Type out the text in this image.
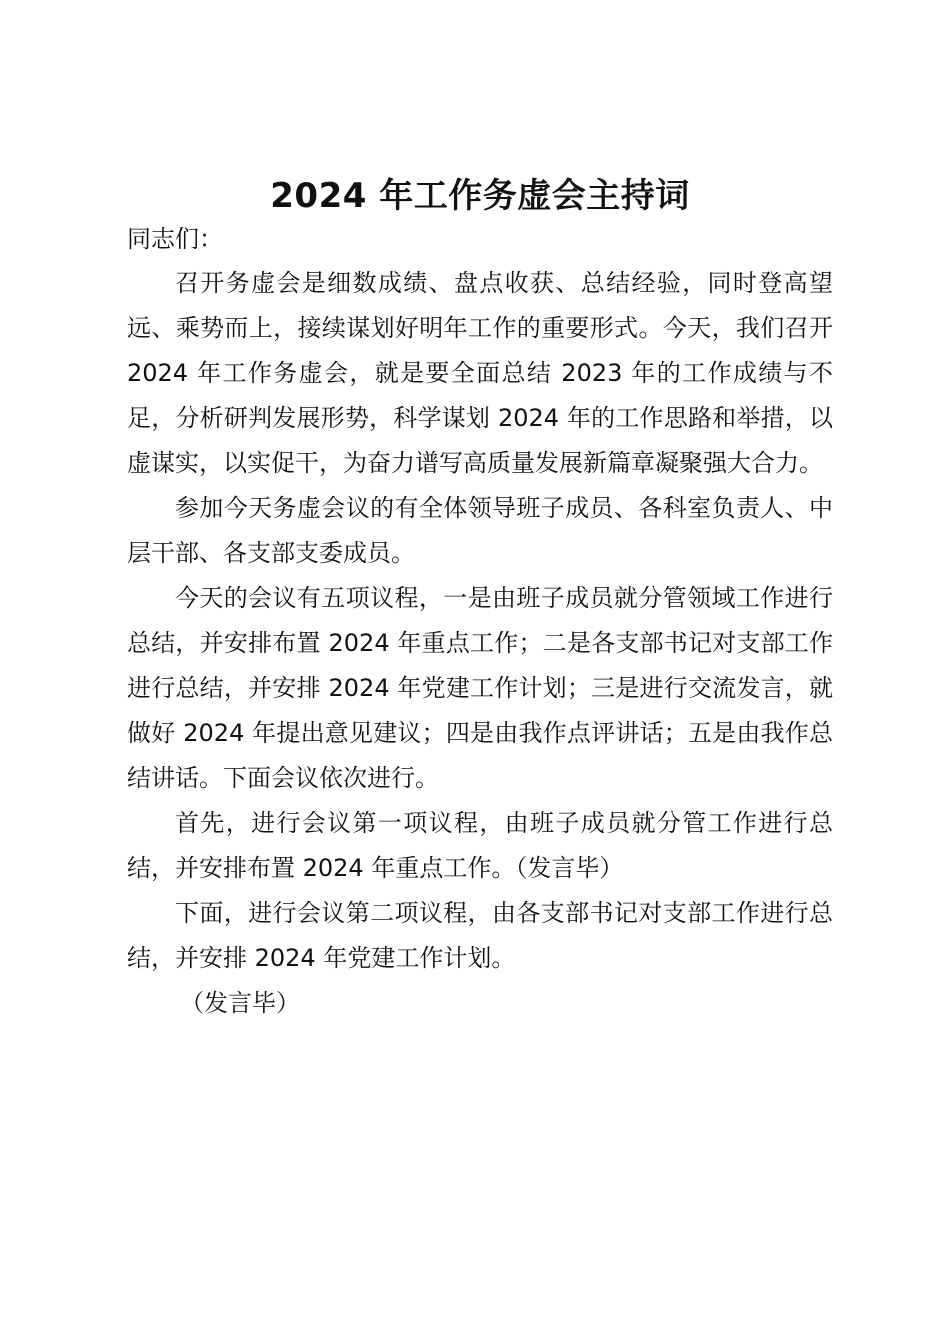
2024 年工作务虚会主持词

同志们：

召开务虚会是细数成绩、盘点收获、总结经验，同时登高望远、乘势而上，接续谋划好明年工作的重要形式。今天，我们召开 2024 年工作务虚会，就是要全面总结 2023 年的工作成绩与不足，分析研判发展形势，科学谋划 2024 年的工作思路和举措，以虚谋实，以实促干，为奋力谱写高质量发展新篇章凝聚强大合力。

参加今天务虚会议的有全体领导班子成员、各科室负责人、中层干部、各支部支委成员。

今天的会议有五项议程，一是由班子成员就分管领域工作进行总结，并安排布置 2024 年重点工作；二是各支部书记对支部工作进行总结，并安排 2024 年党建工作计划；三是进行交流发言，就做好 2024 年提出意见建议；四是由我作点评讲话；五是由我作总结讲话。下面会议依次进行。

首先，进行会议第一项议程，由班子成员就分管工作进行总结，并安排布置 2024 年重点工作。（发言毕）

下面，进行会议第二项议程，由各支部书记对支部工作进行总结，并安排 2024 年党建工作计划。

（发言毕）
